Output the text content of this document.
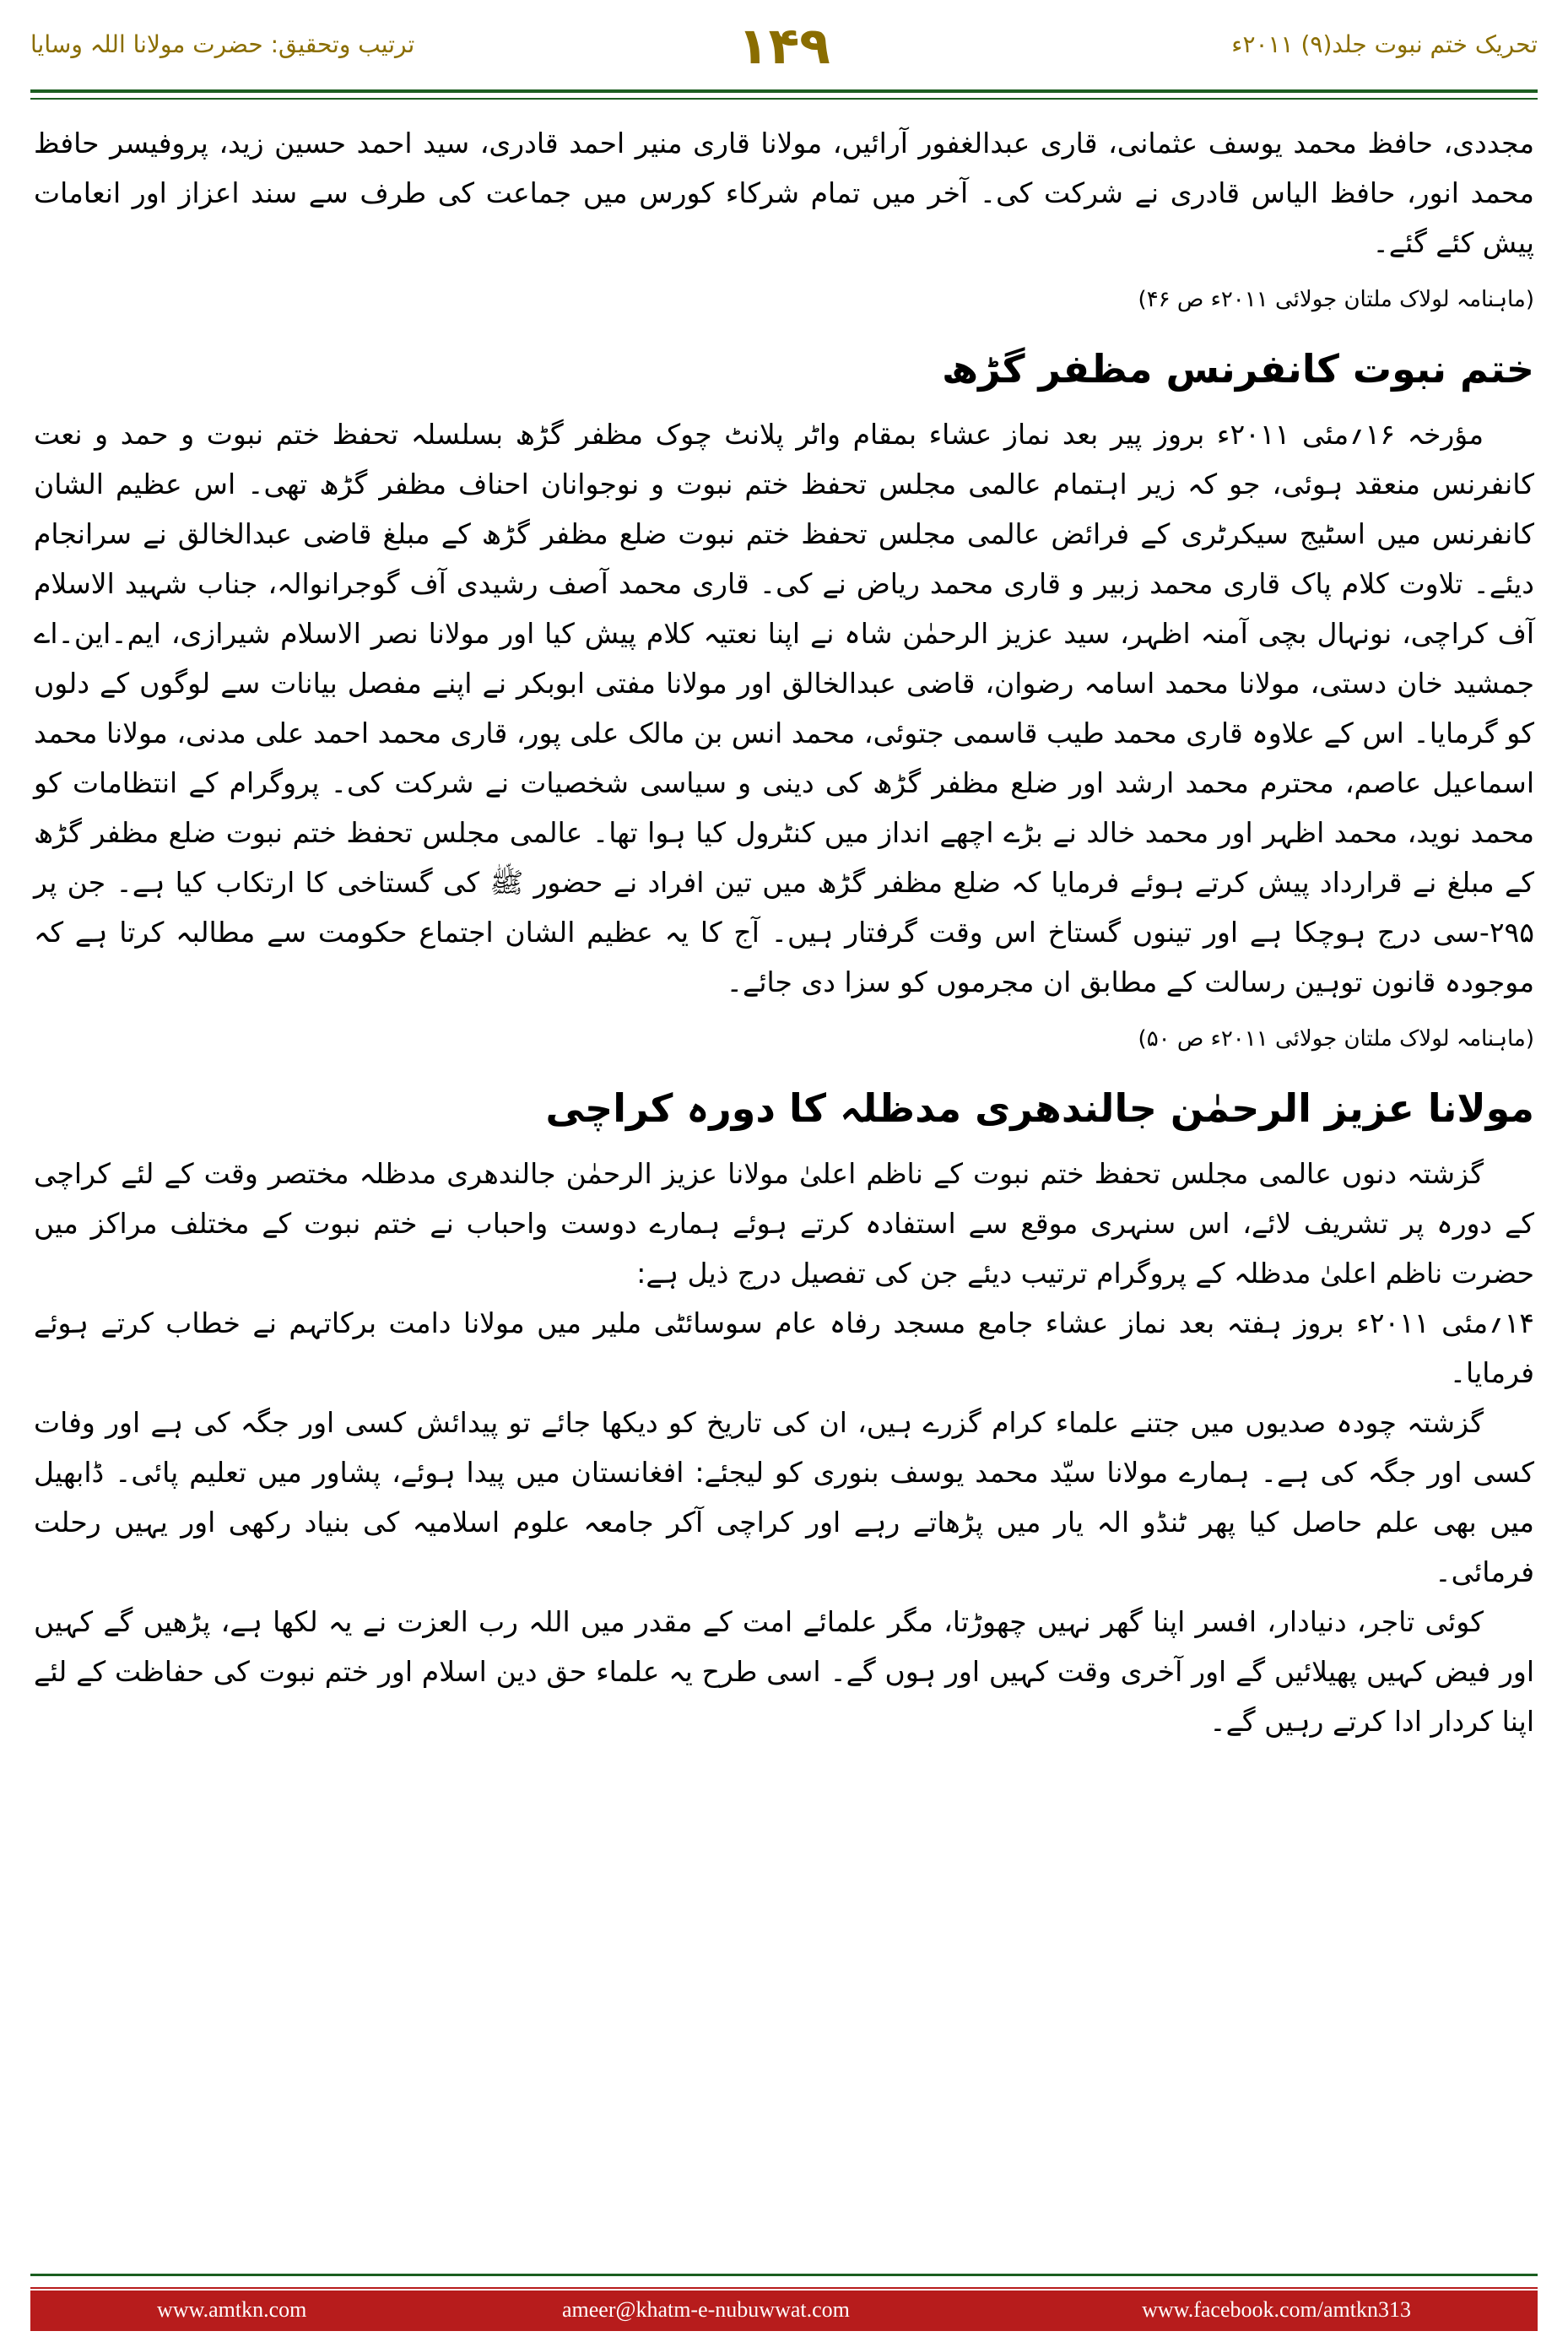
ترتیب وتحقیق: حضرت مولانا اللہ وسایا	۱۴۹	تحریک ختم نبوت جلد(۹) ۲۰۱۱ء

مجددی، حافظ محمد یوسف عثمانی، قاری عبدالغفور آرائیں، مولانا قاری منیر احمد قادری، سید احمد حسین زید، پروفیسر حافظ محمد انور، حافظ الیاس قادری نے شرکت کی۔ آخر میں تمام شرکاء کورس میں جماعت کی طرف سے سند اعزاز اور انعامات پیش کئے گئے۔

(ماہنامہ لولاک ملتان جولائی ۲۰۱۱ء ص ۴۶)
ختم نبوت کانفرنس مظفر گڑھ

مؤرخہ ۱۶؍مئی ۲۰۱۱ء بروز پیر بعد نماز عشاء بمقام واٹر پلانٹ چوک مظفر گڑھ بسلسلہ تحفظ ختم نبوت و حمد و نعت کانفرنس منعقد ہوئی، جو کہ زیر اہتمام عالمی مجلس تحفظ ختم نبوت و نوجوانان احناف مظفر گڑھ تھی۔ اس عظیم الشان کانفرنس میں اسٹیج سیکرٹری کے فرائض عالمی مجلس تحفظ ختم نبوت ضلع مظفر گڑھ کے مبلغ قاضی عبدالخالق نے سرانجام دیئے۔ تلاوت کلام پاک قاری محمد زبیر و قاری محمد ریاض نے کی۔ قاری محمد آصف رشیدی آف گوجرانوالہ، جناب شہید الاسلام آف کراچی، نونہال بچی آمنہ اظہر، سید عزیز الرحمٰن شاہ نے اپنا نعتیہ کلام پیش کیا اور مولانا نصر الاسلام شیرازی، ایم۔این۔اے جمشید خان دستی، مولانا محمد اسامہ رضوان، قاضی عبدالخالق اور مولانا مفتی ابوبکر نے اپنے مفصل بیانات سے لوگوں کے دلوں کو گرمایا۔ اس کے علاوہ قاری محمد طیب قاسمی جتوئی، محمد انس بن مالک علی پور، قاری محمد احمد علی مدنی، مولانا محمد اسماعیل عاصم، محترم محمد ارشد اور ضلع مظفر گڑھ کی دینی و سیاسی شخصیات نے شرکت کی۔ پروگرام کے انتظامات کو محمد نوید، محمد اظہر اور محمد خالد نے بڑے اچھے انداز میں کنٹرول کیا ہوا تھا۔ عالمی مجلس تحفظ ختم نبوت ضلع مظفر گڑھ کے مبلغ نے قرارداد پیش کرتے ہوئے فرمایا کہ ضلع مظفر گڑھ میں تین افراد نے حضور ﷺ کی گستاخی کا ارتکاب کیا ہے۔ جن پر ۲۹۵-سی درج ہوچکا ہے اور تینوں گستاخ اس وقت گرفتار ہیں۔ آج کا یہ عظیم الشان اجتماع حکومت سے مطالبہ کرتا ہے کہ موجودہ قانون توہین رسالت کے مطابق ان مجرموں کو سزا دی جائے۔

(ماہنامہ لولاک ملتان جولائی ۲۰۱۱ء ص ۵۰)
مولانا عزیز الرحمٰن جالندھری مدظلہ کا دورہ کراچی

گزشتہ دنوں عالمی مجلس تحفظ ختم نبوت کے ناظم اعلیٰ مولانا عزیز الرحمٰن جالندھری مدظلہ مختصر وقت کے لئے کراچی کے دورہ پر تشریف لائے، اس سنہری موقع سے استفادہ کرتے ہوئے ہمارے دوست واحباب نے ختم نبوت کے مختلف مراکز میں حضرت ناظم اعلیٰ مدظلہ کے پروگرام ترتیب دیئے جن کی تفصیل درج ذیل ہے:

۱۴؍مئی ۲۰۱۱ء بروز ہفتہ بعد نماز عشاء جامع مسجد رفاہ عام سوسائٹی ملیر میں مولانا دامت برکاتہم نے خطاب کرتے ہوئے فرمایا۔

گزشتہ چودہ صدیوں میں جتنے علماء کرام گزرے ہیں، ان کی تاریخ کو دیکھا جائے تو پیدائش کسی اور جگہ کی ہے اور وفات کسی اور جگہ کی ہے۔ ہمارے مولانا سیّد محمد یوسف بنوری کو لیجئے: افغانستان میں پیدا ہوئے، پشاور میں تعلیم پائی۔ ڈابھیل میں بھی علم حاصل کیا پھر ٹنڈو الہ یار میں پڑھاتے رہے اور کراچی آکر جامعہ علوم اسلامیہ کی بنیاد رکھی اور یہیں رحلت فرمائی۔

کوئی تاجر، دنیادار، افسر اپنا گھر نہیں چھوڑتا، مگر علمائے امت کے مقدر میں اللہ رب العزت نے یہ لکھا ہے، پڑھیں گے کہیں اور فیض کہیں پھیلائیں گے اور آخری وقت کہیں اور ہوں گے۔ اسی طرح یہ علماء حق دین اسلام اور ختم نبوت کی حفاظت کے لئے اپنا کردار ادا کرتے رہیں گے۔

www.amtkn.com	ameer@khatm-e-nubuwwat.com	www.facebook.com/amtkn313
